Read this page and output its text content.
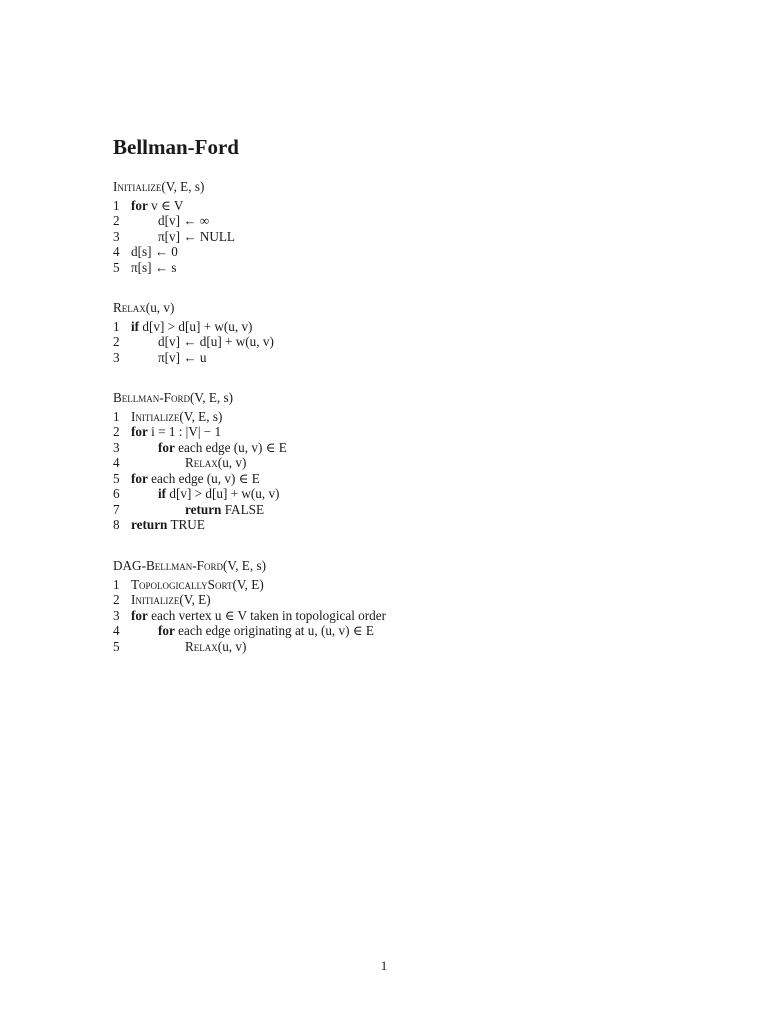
Bellman-Ford
Initialize(V, E, s)
1 for v ∈ V
2	d[v] ← ∞
3	π[v] ← NULL
4 d[s] ← 0
5 π[s] ← s
Relax(u, v)
1 if d[v] > d[u] + w(u, v)
2	d[v] ← d[u] + w(u, v)
3	π[v] ← u
Bellman-Ford(V, E, s)
1 Initialize(V, E, s)
2 for i = 1 : |V| − 1
3	for each edge (u, v) ∈ E
4	Relax(u, v)
5 for each edge (u, v) ∈ E
6	if d[v] > d[u] + w(u, v)
7	return FALSE
8 return TRUE
DAG-Bellman-Ford(V, E, s)
1 TopologicallySort(V, E)
2 Initialize(V, E)
3 for each vertex u ∈ V taken in topological order
4	for each edge originating at u, (u, v) ∈ E
5	Relax(u, v)
1
